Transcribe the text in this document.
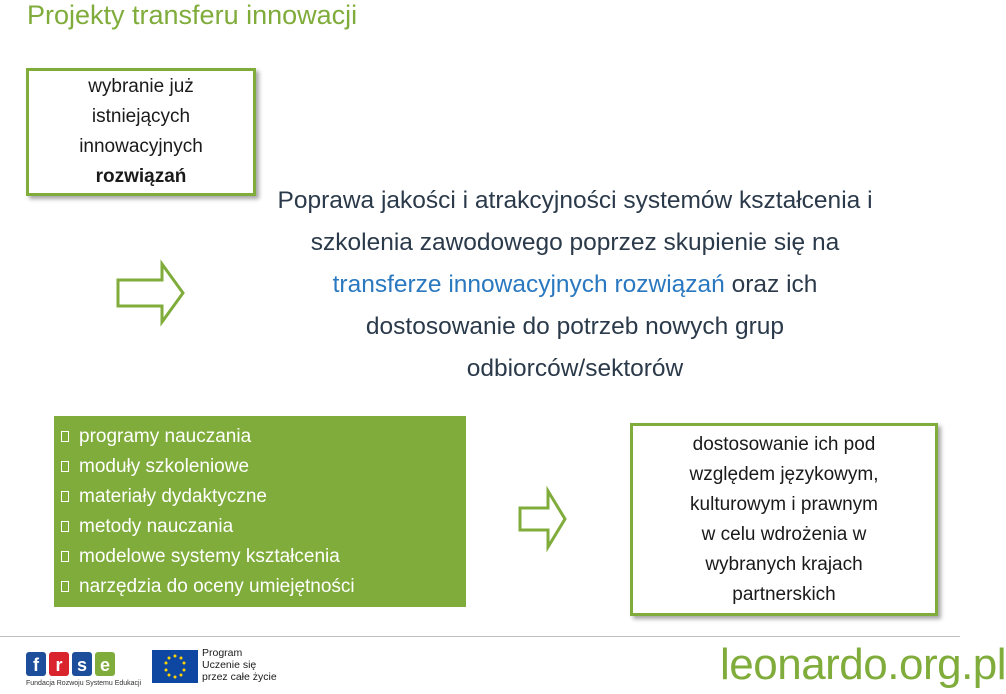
Projekty transferu innowacji
wybranie już
istniejących
innowacyjnych
rozwiązań
Poprawa jakości i atrakcyjności systemów kształcenia i szkolenia zawodowego poprzez skupienie się na transferze innowacyjnych rozwiązań oraz ich dostosowanie do potrzeb nowych grup odbiorców/sektorów
programy nauczania
moduły szkoleniowe
materiały dydaktyczne
metody nauczania
modelowe systemy kształcenia
narzędzia do oceny umiejętności
dostosowanie ich pod
względem językowym,
kulturowym i prawnym
w celu wdrożenia w
wybranych krajach
partnerskich
f r s e
Fundacja Rozwoju Systemu Edukacji
Program
Uczenie się
przez całe życie	leonardo.org.pl
